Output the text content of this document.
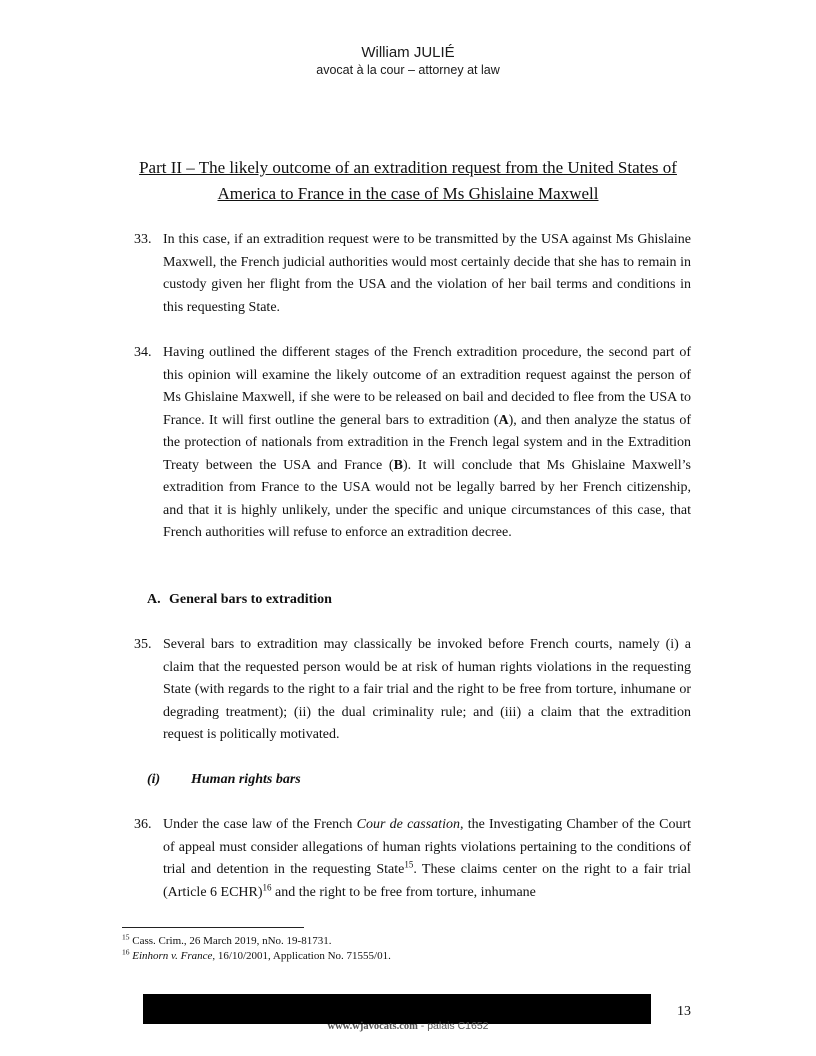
William JULIÉ
avocat à la cour – attorney at law
Part II – The likely outcome of an extradition request from the United States of America to France in the case of Ms Ghislaine Maxwell
33. In this case, if an extradition request were to be transmitted by the USA against Ms Ghislaine Maxwell, the French judicial authorities would most certainly decide that she has to remain in custody given her flight from the USA and the violation of her bail terms and conditions in this requesting State.
34. Having outlined the different stages of the French extradition procedure, the second part of this opinion will examine the likely outcome of an extradition request against the person of Ms Ghislaine Maxwell, if she were to be released on bail and decided to flee from the USA to France. It will first outline the general bars to extradition (A), and then analyze the status of the protection of nationals from extradition in the French legal system and in the Extradition Treaty between the USA and France (B). It will conclude that Ms Ghislaine Maxwell’s extradition from France to the USA would not be legally barred by her French citizenship, and that it is highly unlikely, under the specific and unique circumstances of this case, that French authorities will refuse to enforce an extradition decree.
A. General bars to extradition
35. Several bars to extradition may classically be invoked before French courts, namely (i) a claim that the requested person would be at risk of human rights violations in the requesting State (with regards to the right to a fair trial and the right to be free from torture, inhumane or degrading treatment); (ii) the dual criminality rule; and (iii) a claim that the extradition request is politically motivated.
(i) Human rights bars
36. Under the case law of the French Cour de cassation, the Investigating Chamber of the Court of appeal must consider allegations of human rights violations pertaining to the conditions of trial and detention in the requesting State$^{15}$. These claims center on the right to a fair trial (Article 6 ECHR)$^{16}$ and the right to be free from torture, inhumane
$^{15}$ Cass. Crim., 26 March 2019, nNo. 19-81731.
$^{16}$ Einhorn v. France, 16/10/2001, Application No. 71555/01.
13
www.wjavocats.com - palais C1652
